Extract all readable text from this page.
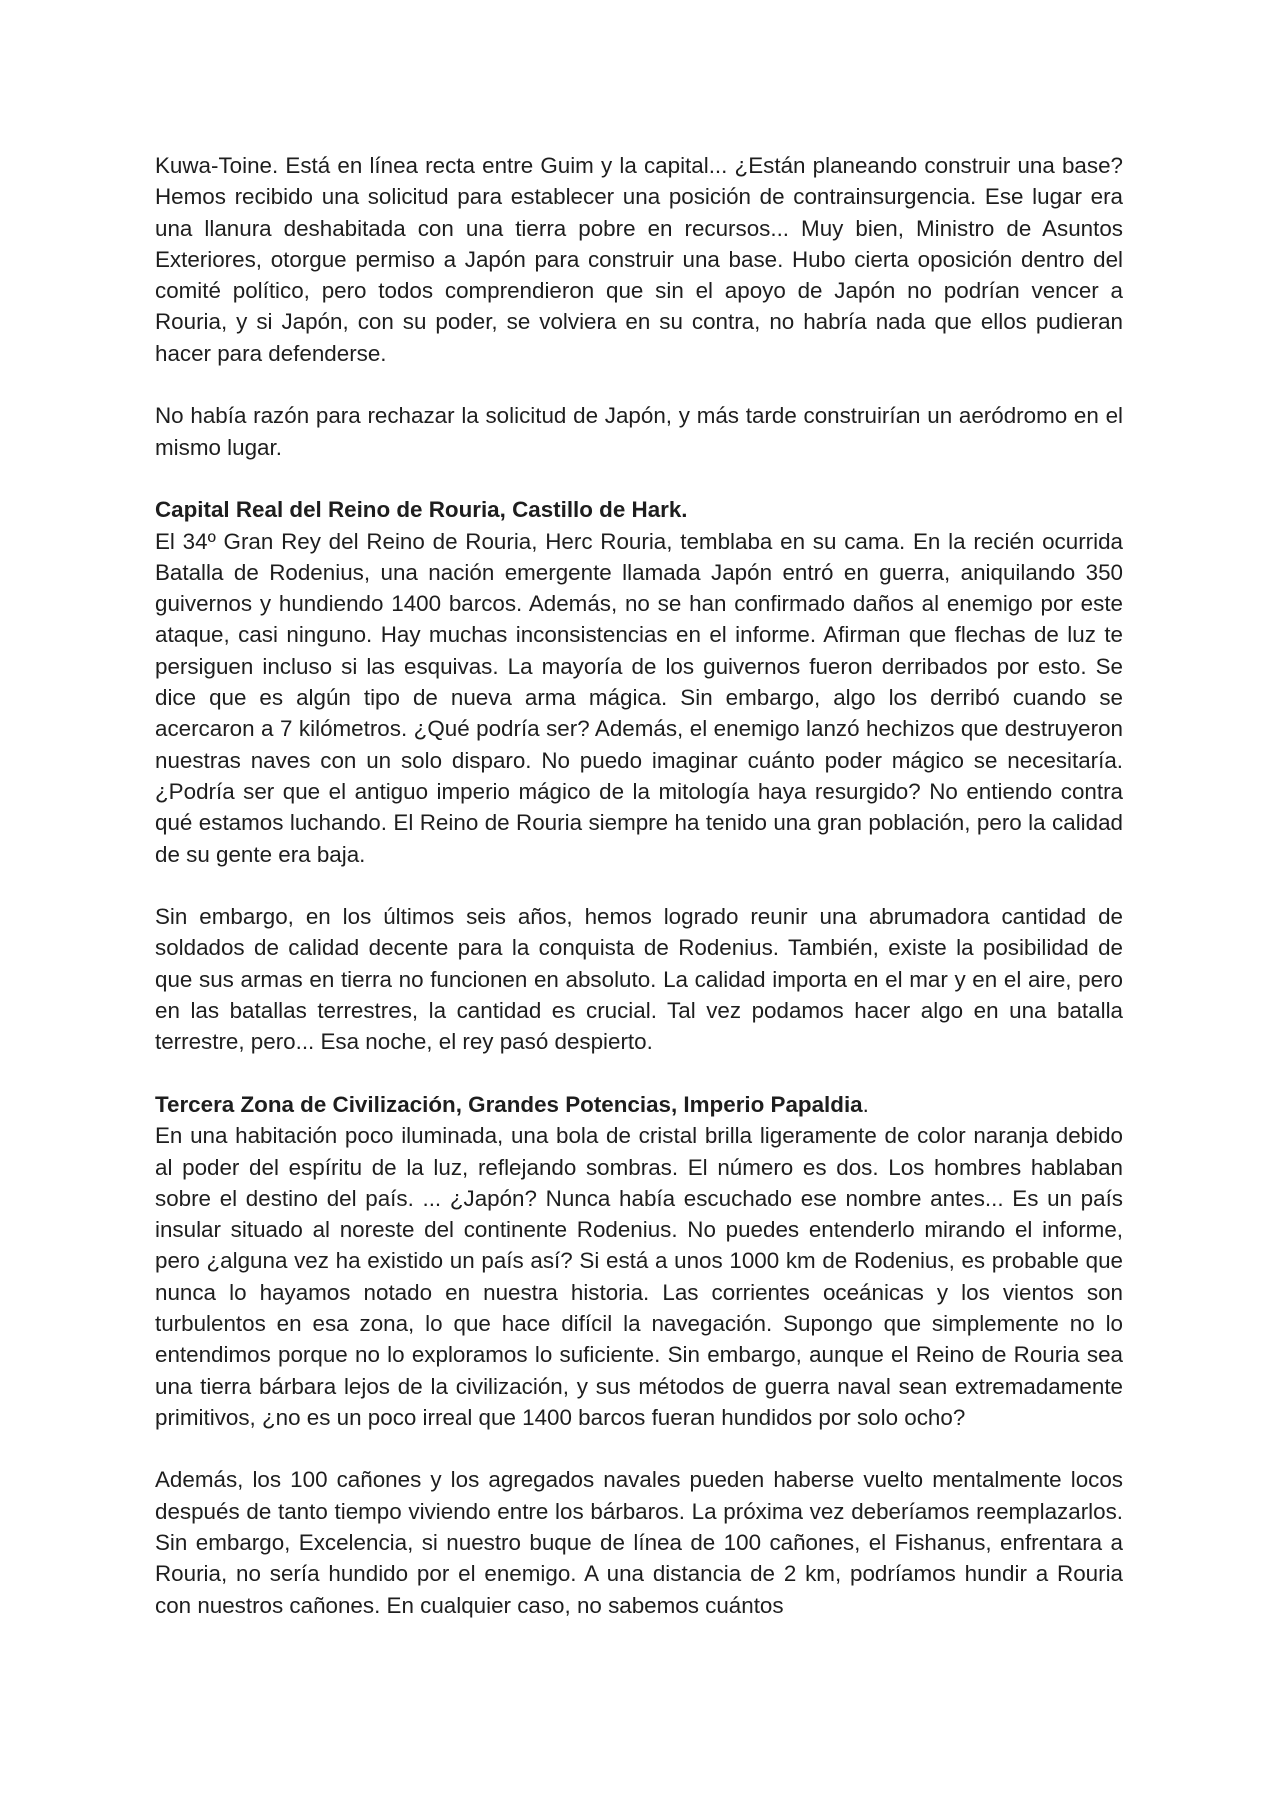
Kuwa-Toine. Está en línea recta entre Guim y la capital... ¿Están planeando construir una base? Hemos recibido una solicitud para establecer una posición de contrainsurgencia. Ese lugar era una llanura deshabitada con una tierra pobre en recursos... Muy bien, Ministro de Asuntos Exteriores, otorgue permiso a Japón para construir una base. Hubo cierta oposición dentro del comité político, pero todos comprendieron que sin el apoyo de Japón no podrían vencer a Rouria, y si Japón, con su poder, se volviera en su contra, no habría nada que ellos pudieran hacer para defenderse.

No había razón para rechazar la solicitud de Japón, y más tarde construirían un aeródromo en el mismo lugar.

Capital Real del Reino de Rouria, Castillo de Hark.

El 34º Gran Rey del Reino de Rouria, Herc Rouria, temblaba en su cama. En la recién ocurrida Batalla de Rodenius, una nación emergente llamada Japón entró en guerra, aniquilando 350 guivernos y hundiendo 1400 barcos. Además, no se han confirmado daños al enemigo por este ataque, casi ninguno. Hay muchas inconsistencias en el informe. Afirman que flechas de luz te persiguen incluso si las esquivas. La mayoría de los guivernos fueron derribados por esto. Se dice que es algún tipo de nueva arma mágica. Sin embargo, algo los derribó cuando se acercaron a 7 kilómetros. ¿Qué podría ser? Además, el enemigo lanzó hechizos que destruyeron nuestras naves con un solo disparo. No puedo imaginar cuánto poder mágico se necesitaría. ¿Podría ser que el antiguo imperio mágico de la mitología haya resurgido? No entiendo contra qué estamos luchando. El Reino de Rouria siempre ha tenido una gran población, pero la calidad de su gente era baja.

Sin embargo, en los últimos seis años, hemos logrado reunir una abrumadora cantidad de soldados de calidad decente para la conquista de Rodenius. También, existe la posibilidad de que sus armas en tierra no funcionen en absoluto. La calidad importa en el mar y en el aire, pero en las batallas terrestres, la cantidad es crucial. Tal vez podamos hacer algo en una batalla terrestre, pero... Esa noche, el rey pasó despierto.

Tercera Zona de Civilización, Grandes Potencias, Imperio Papaldia.

En una habitación poco iluminada, una bola de cristal brilla ligeramente de color naranja debido al poder del espíritu de la luz, reflejando sombras. El número es dos. Los hombres hablaban sobre el destino del país. ... ¿Japón? Nunca había escuchado ese nombre antes... Es un país insular situado al noreste del continente Rodenius. No puedes entenderlo mirando el informe, pero ¿alguna vez ha existido un país así? Si está a unos 1000 km de Rodenius, es probable que nunca lo hayamos notado en nuestra historia. Las corrientes oceánicas y los vientos son turbulentos en esa zona, lo que hace difícil la navegación. Supongo que simplemente no lo entendimos porque no lo exploramos lo suficiente. Sin embargo, aunque el Reino de Rouria sea una tierra bárbara lejos de la civilización, y sus métodos de guerra naval sean extremadamente primitivos, ¿no es un poco irreal que 1400 barcos fueran hundidos por solo ocho?

Además, los 100 cañones y los agregados navales pueden haberse vuelto mentalmente locos después de tanto tiempo viviendo entre los bárbaros. La próxima vez deberíamos reemplazarlos. Sin embargo, Excelencia, si nuestro buque de línea de 100 cañones, el Fishanus, enfrentara a Rouria, no sería hundido por el enemigo. A una distancia de 2 km, podríamos hundir a Rouria con nuestros cañones. En cualquier caso, no sabemos cuántos
